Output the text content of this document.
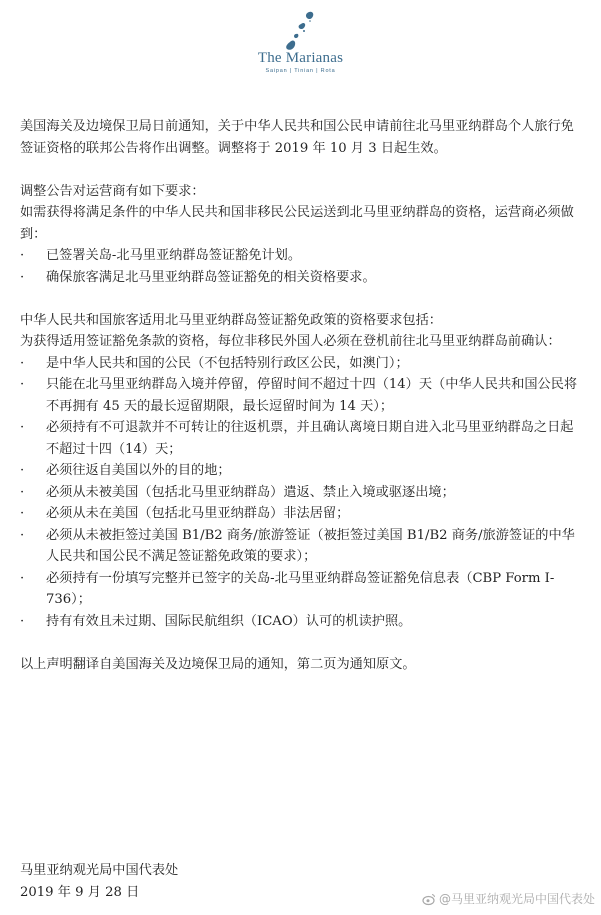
The Marianas
Saipan | Tinian | Rota

美国海关及边境保卫局日前通知，关于中华人民共和国公民申请前往北马里亚纳群岛个人旅行免签证资格的联邦公告将作出调整。调整将于 2019 年 10 月 3 日起生效。

调整公告对运营商有如下要求：

如需获得将满足条件的中华人民共和国非移民公民运送到北马里亚纳群岛的资格，运营商必须做到：

·	已签署关岛-北马里亚纳群岛签证豁免计划。
·	确保旅客满足北马里亚纳群岛签证豁免的相关资格要求。

中华人民共和国旅客适用北马里亚纳群岛签证豁免政策的资格要求包括：

为获得适用签证豁免条款的资格，每位非移民外国人必须在登机前往北马里亚纳群岛前确认：

·	是中华人民共和国的公民（不包括特别行政区公民，如澳门）；
·	只能在北马里亚纳群岛入境并停留，停留时间不超过十四（14）天（中华人民共和国公民将不再拥有 45 天的最长逗留期限，最长逗留时间为 14 天）；
·	必须持有不可退款并不可转让的往返机票，并且确认离境日期自进入北马里亚纳群岛之日起不超过十四（14）天；
·	必须往返自美国以外的目的地；
·	必须从未被美国（包括北马里亚纳群岛）遣返、禁止入境或驱逐出境；
·	必须从未在美国（包括北马里亚纳群岛）非法居留；
·	必须从未被拒签过美国 B1/B2 商务/旅游签证（被拒签过美国 B1/B2 商务/旅游签证的中华人民共和国公民不满足签证豁免政策的要求）；
·	必须持有一份填写完整并已签字的关岛-北马里亚纳群岛签证豁免信息表（CBP Form I-736）；
·	持有有效且未过期、国际民航组织（ICAO）认可的机读护照。

以上声明翻译自美国海关及边境保卫局的通知，第二页为通知原文。

马里亚纳观光局中国代表处
2019 年 9 月 28 日	@马里亚纳观光局中国代表处
